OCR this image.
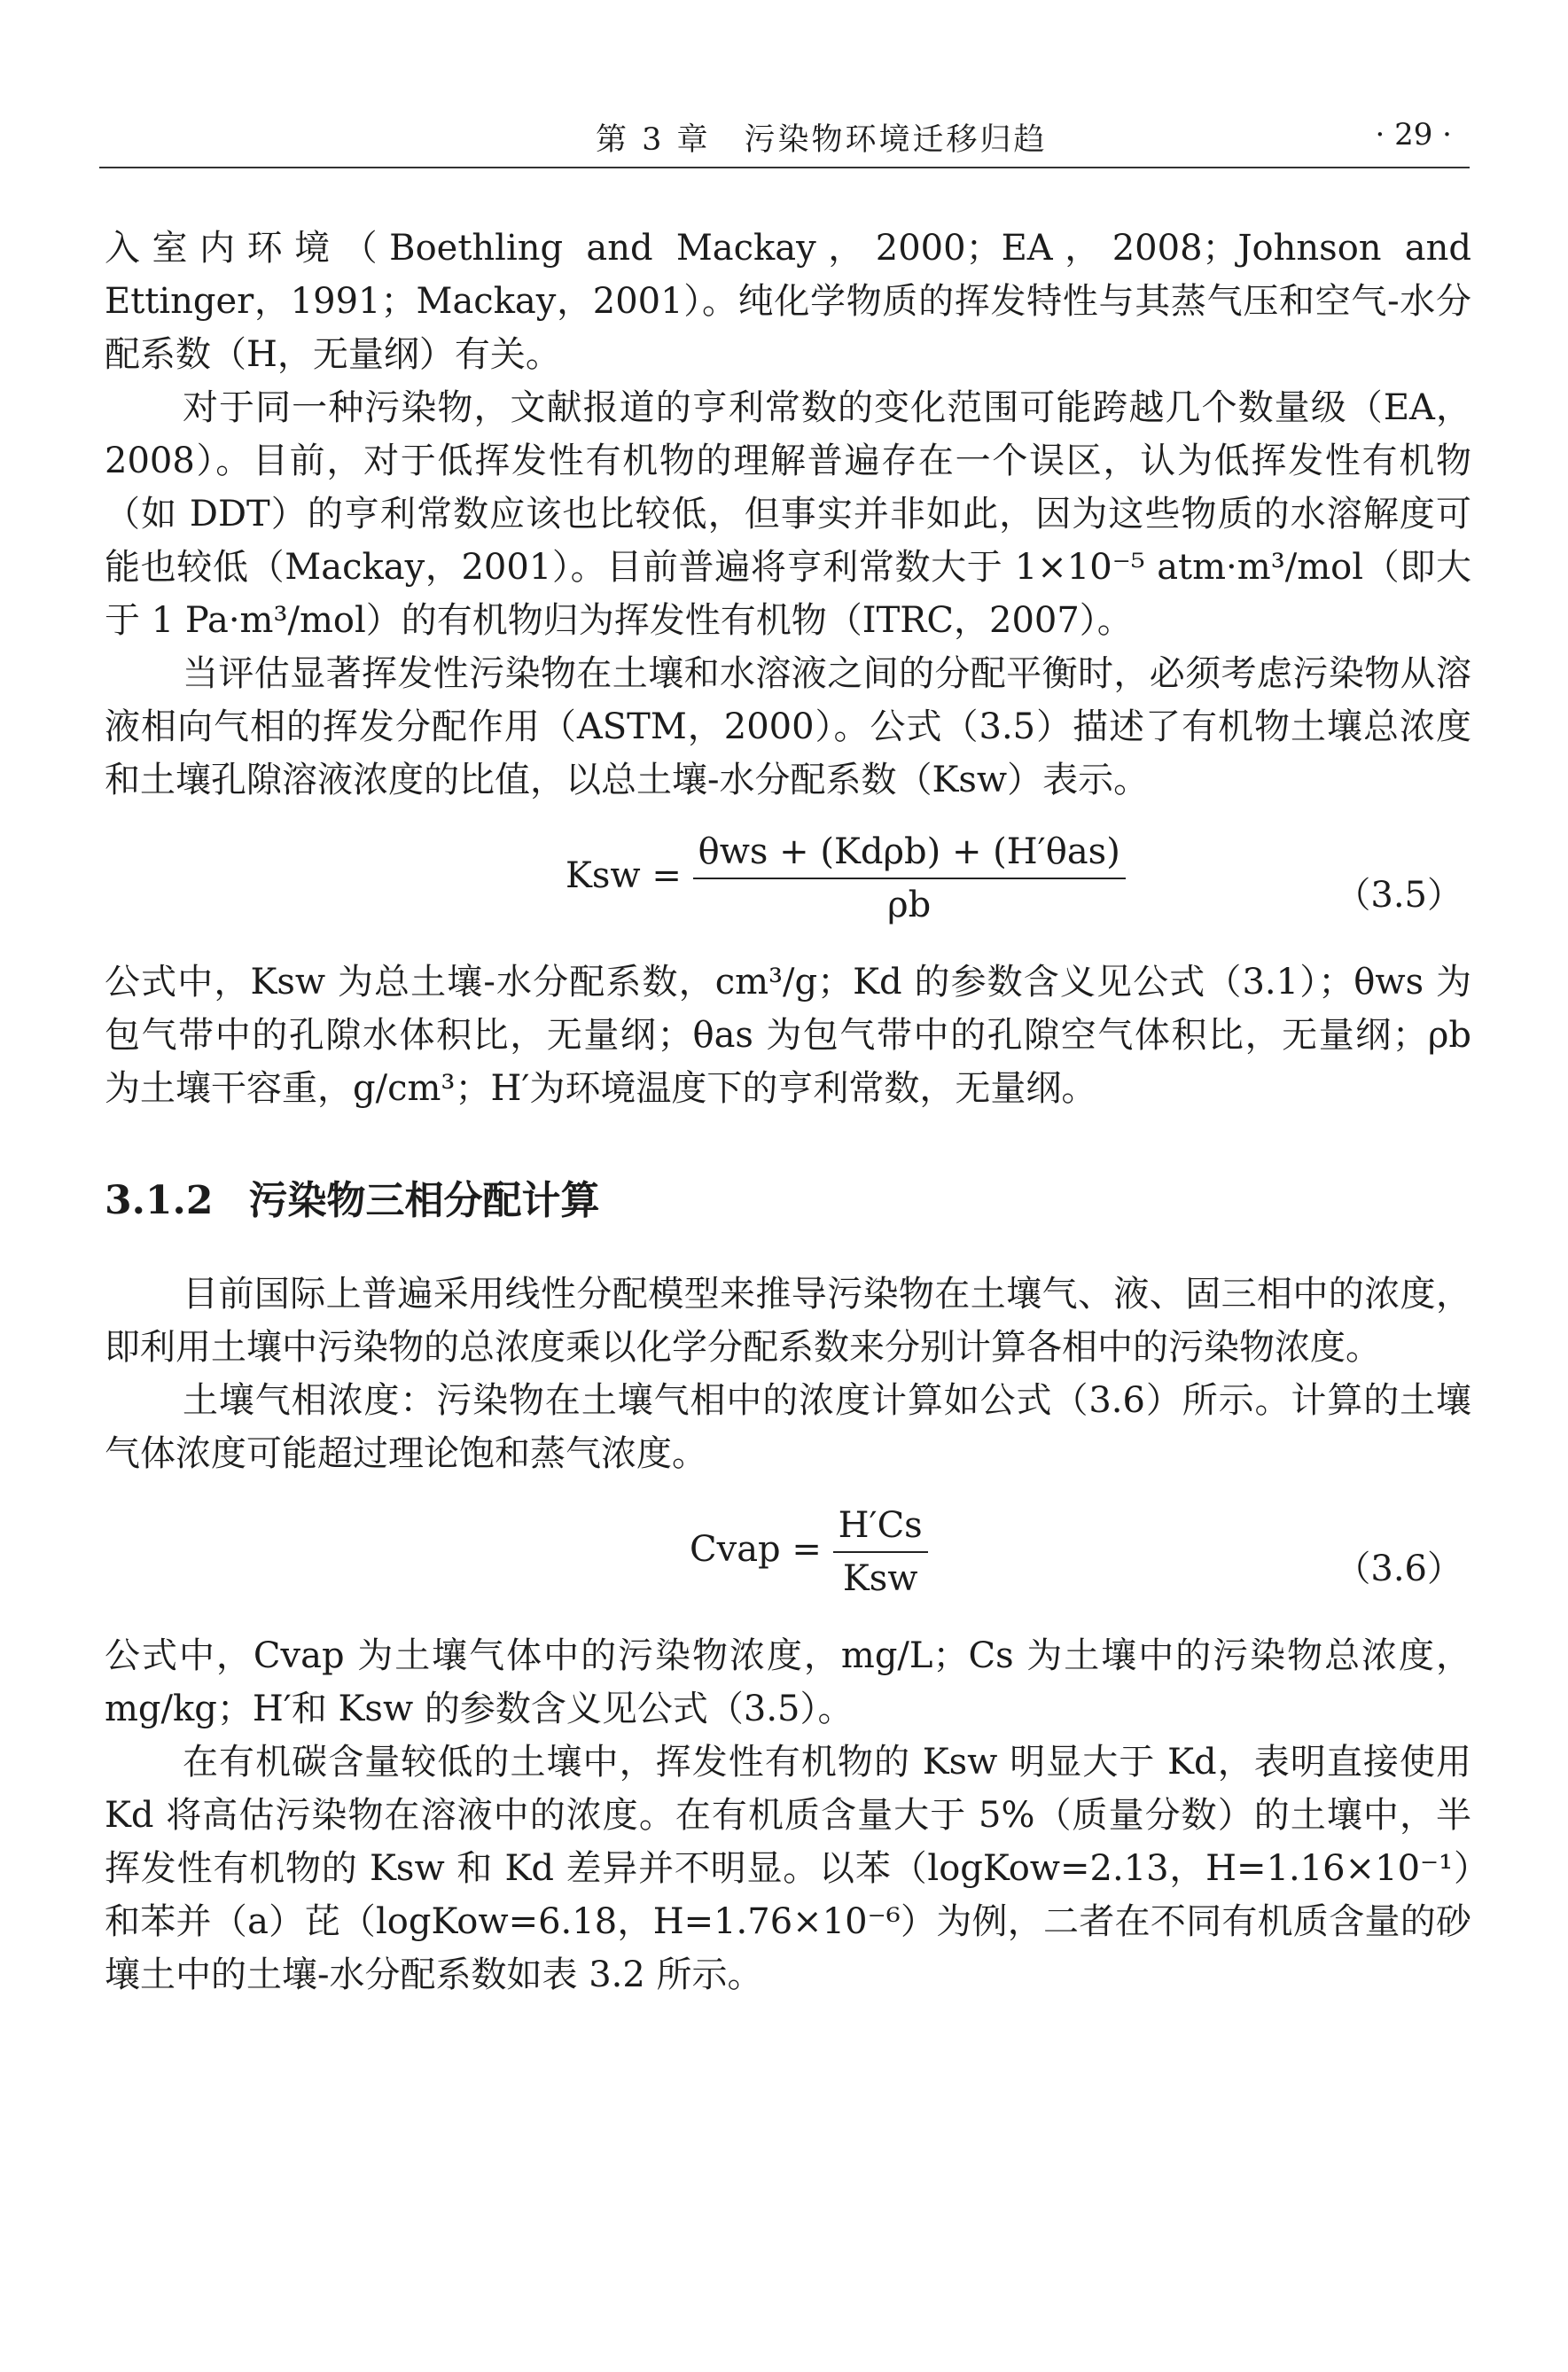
第 3 章　污染物环境迁移归趋	· 29 ·

入室内环境（Boethling and Mackay，2000；EA，2008；Johnson and Ettinger，1991；Mackay，2001）。纯化学物质的挥发特性与其蒸气压和空气-水分配系数（H，无量纲）有关。

对于同一种污染物，文献报道的亨利常数的变化范围可能跨越几个数量级（EA，2008）。目前，对于低挥发性有机物的理解普遍存在一个误区，认为低挥发性有机物（如 DDT）的亨利常数应该也比较低，但事实并非如此，因为这些物质的水溶解度可能也较低（Mackay，2001）。目前普遍将亨利常数大于 1×10⁻⁵ atm·m³/mol（即大于 1 Pa·m³/mol）的有机物归为挥发性有机物（ITRC，2007）。

当评估显著挥发性污染物在土壤和水溶液之间的分配平衡时，必须考虑污染物从溶液相向气相的挥发分配作用（ASTM，2000）。公式（3.5）描述了有机物土壤总浓度和土壤孔隙溶液浓度的比值，以总土壤-水分配系数（Ksw）表示。

Ksw = $\frac{\text{θws + (Kdρb) + (H′θas)}}{\rho b}$	（3.5）

公式中，Ksw 为总土壤-水分配系数，cm³/g；Kd 的参数含义见公式（3.1）；θws 为包气带中的孔隙水体积比，无量纲；θas 为包气带中的孔隙空气体积比，无量纲；ρb 为土壤干容重，g/cm³；H′为环境温度下的亨利常数，无量纲。

3.1.2 污染物三相分配计算

目前国际上普遍采用线性分配模型来推导污染物在土壤气、液、固三相中的浓度，即利用土壤中污染物的总浓度乘以化学分配系数来分别计算各相中的污染物浓度。

土壤气相浓度：污染物在土壤气相中的浓度计算如公式（3.6）所示。计算的土壤气体浓度可能超过理论饱和蒸气浓度。

Cvap = $\frac{H'Cs}{\text{Ksw}}$	（3.6）

公式中，Cvap 为土壤气体中的污染物浓度，mg/L；Cs 为土壤中的污染物总浓度，mg/kg；H′和 Ksw 的参数含义见公式（3.5）。

在有机碳含量较低的土壤中，挥发性有机物的 Ksw 明显大于 Kd，表明直接使用 Kd 将高估污染物在溶液中的浓度。在有机质含量大于 5%（质量分数）的土壤中，半挥发性有机物的 Ksw 和 Kd 差异并不明显。以苯（logKow=2.13，H=1.16×10⁻¹）和苯并（a）芘（logKow=6.18，H=1.76×10⁻⁶）为例，二者在不同有机质含量的砂壤土中的土壤-水分配系数如表 3.2 所示。
